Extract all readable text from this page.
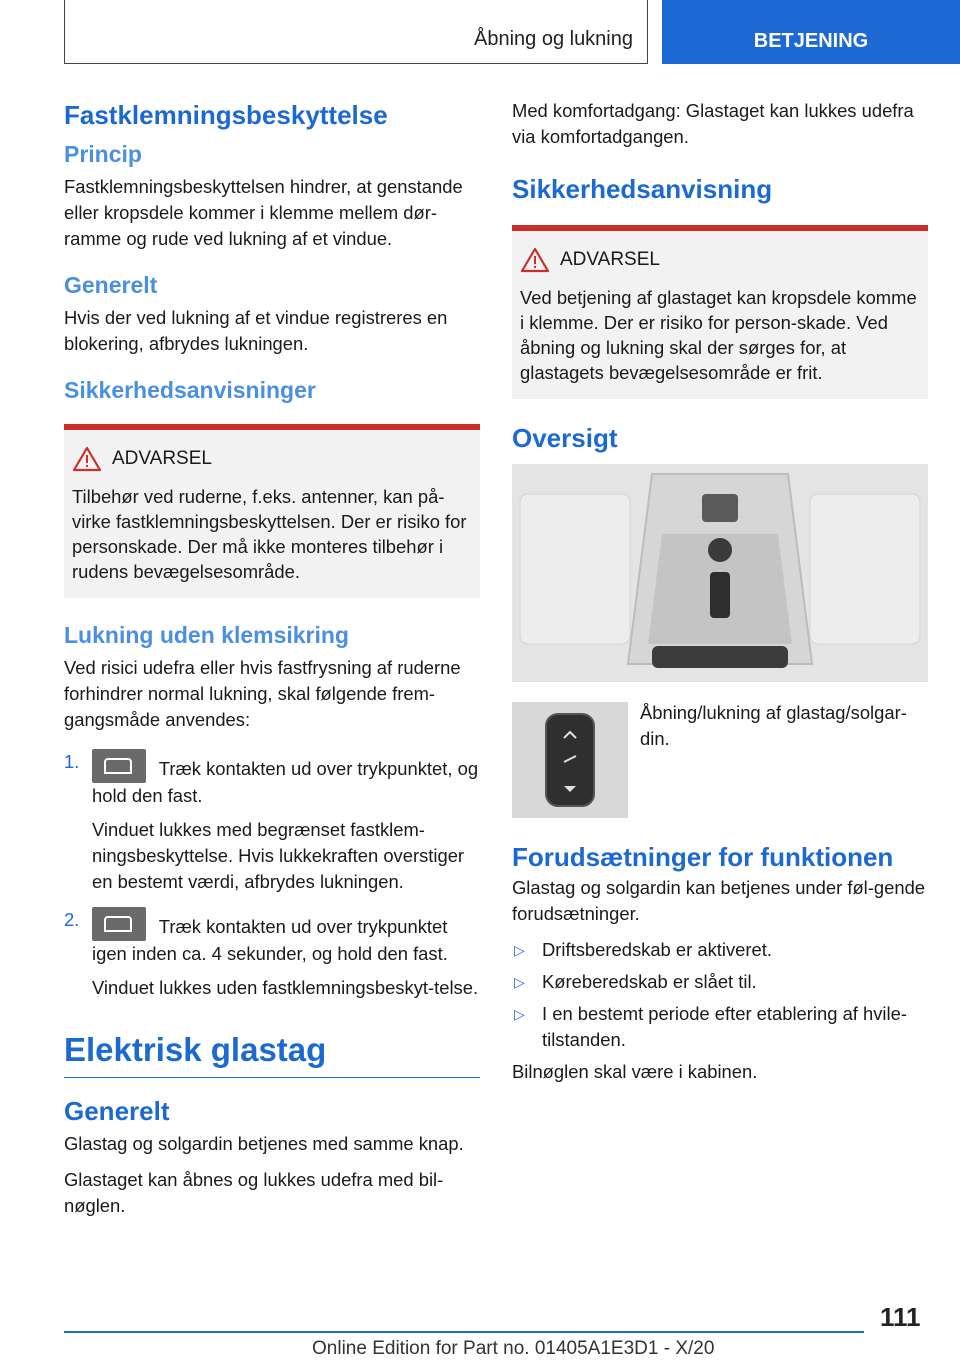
Åbning og lukning	BETJENING
Fastklemningsbeskyttelse
Princip

Fastklemningsbeskyttelsen hindrer, at genstande eller kropsdele kommer i klemme mellem dør-ramme og rude ved lukning af et vindue.

Generelt

Hvis der ved lukning af et vindue registreres en blokering, afbrydes lukningen.

Sikkerhedsanvisninger
ADVARSEL

Tilbehør ved ruderne, f.eks. antenner, kan på-virke fastklemningsbeskyttelsen. Der er risiko for personskade. Der må ikke monteres tilbehør i rudens bevægelsesområde.

Lukning uden klemsikring

Ved risici udefra eller hvis fastfrysning af ruderne forhindrer normal lukning, skal følgende frem-gangsmåde anvendes:

1.	Træk kontakten ud over trykpunktet, og hold den fast.

Vinduet lukkes med begrænset fastklem-ningsbeskyttelse. Hvis lukkekraften overstiger en bestemt værdi, afbrydes lukningen.

2.	Træk kontakten ud over trykpunktet igen inden ca. 4 sekunder, og hold den fast.

Vinduet lukkes uden fastklemningsbeskyt-telse.

Elektrisk glastag
Generelt

Glastag og solgardin betjenes med samme knap.

Glastaget kan åbnes og lukkes udefra med bil-nøglen.

Med komfortadgang: Glastaget kan lukkes udefra via komfortadgangen.

Sikkerhedsanvisning
ADVARSEL

Ved betjening af glastaget kan kropsdele komme i klemme. Der er risiko for person-skade. Ved åbning og lukning skal der sørges for, at glastagets bevægelsesområde er frit.

Oversigt

Åbning/lukning af glastag/solgar-din.

Forudsætninger for funktionen

Glastag og solgardin kan betjenes under føl-gende forudsætninger.

▷ Driftsberedskab er aktiveret.
▷ Køreberedskab er slået til.
▷ I en bestemt periode efter etablering af hvile-tilstanden.

Bilnøglen skal være i kabinen.

111
Online Edition for Part no. 01405A1E3D1 - X/20
